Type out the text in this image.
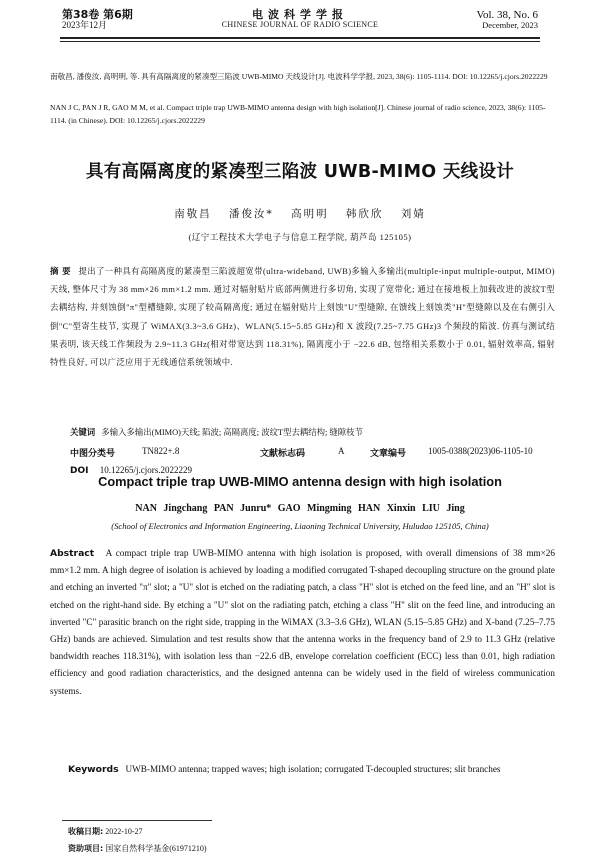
第38卷 第6期
2023年12月
电波科学学报
CHINESE JOURNAL OF RADIO SCIENCE
Vol. 38, No. 6
December, 2023
南敬昌, 潘俊汝, 高明明, 等. 具有高隔离度的紧凑型三陷波 UWB-MIMO 天线设计[J]. 电波科学学报, 2023, 38(6): 1105-1114. DOI: 10.12265/j.cjors.2022229
NAN J C, PAN J R, GAO M M, et al. Compact triple trap UWB-MIMO antenna design with high isolation[J]. Chinese journal of radio science, 2023, 38(6): 1105-1114. (in Chinese). DOI: 10.12265/j.cjors.2022229
具有高隔离度的紧凑型三陷波 UWB-MIMO 天线设计
南敬昌 潘俊汝* 高明明 韩欣欣 刘婧
(辽宁工程技术大学电子与信息工程学院, 葫芦岛 125105)
摘 要 提出了一种具有高隔离度的紧凑型三陷波超宽带(ultra-wideband, UWB)多输入多输出(multiple-input multiple-output, MIMO)天线, 整体尺寸为 38 mm×26 mm×1.2 mm. 通过对辐射贴片底部两侧进行多切角, 实现了宽带化; 通过在接地板上加载改进的波纹T型去耦结构, 并刻蚀倒"π"型槽缝隙, 实现了较高隔离度; 通过在辐射贴片上刻蚀"U"型缝隙, 在馈线上刻蚀类"H"型缝隙以及在右侧引入倒"C"型寄生枝节, 实现了 WiMAX(3.3~3.6 GHz)、WLAN(5.15~5.85 GHz)和 X 波段(7.25~7.75 GHz)3 个频段的陷波. 仿真与测试结果表明, 该天线工作频段为 2.9~11.3 GHz(相对带宽达到 118.31%), 隔离度小于 −22.6 dB, 包络相关系数小于 0.01, 辐射效率高, 辐射特性良好, 可以广泛应用于无线通信系统领域中.
关键词 多输入多输出(MIMO)天线; 陷波; 高隔离度; 波纹T型去耦结构; 缝隙枝节
中图分类号	TN822+.8	文献标志码	A	文章编号 1005-0388(2023)06-1105-10
DOI 10.12265/j.cjors.2022229
Compact triple trap UWB-MIMO antenna design with high isolation
NAN Jingchang PAN Junru* GAO Mingming HAN Xinxin LIU Jing
(School of Electronics and Information Engineering, Liaoning Technical University, Huludao 125105, China)
Abstract A compact triple trap UWB-MIMO antenna with high isolation is proposed, with overall dimensions of 38 mm×26 mm×1.2 mm. A high degree of isolation is achieved by loading a modified corrugated T-shaped decoupling structure on the ground plate and etching an inverted "π" slot; a "U" slot is etched on the radiating patch, a class "H" slot is etched on the feed line, and an "H" slot is etched on the right-hand side. By etching a "U" slot on the radiating patch, etching a class "H" slit on the feed line, and introducing an inverted "C" parasitic branch on the right side, trapping in the WiMAX (3.3–3.6 GHz), WLAN (5.15–5.85 GHz) and X-band (7.25–7.75 GHz) bands are achieved. Simulation and test results show that the antenna works in the frequency band of 2.9 to 11.3 GHz (relative bandwidth reaches 118.31%), with isolation less than −22.6 dB, envelope correlation coefficient (ECC) less than 0.01, high radiation efficiency and good radiation characteristics, and the designed antenna can be widely used in the field of wireless communication systems.
Keywords UWB-MIMO antenna; trapped waves; high isolation; corrugated T-decoupled structures; slit branches
收稿日期: 2022-10-27
资助项目: 国家自然科学基金(61971210)
